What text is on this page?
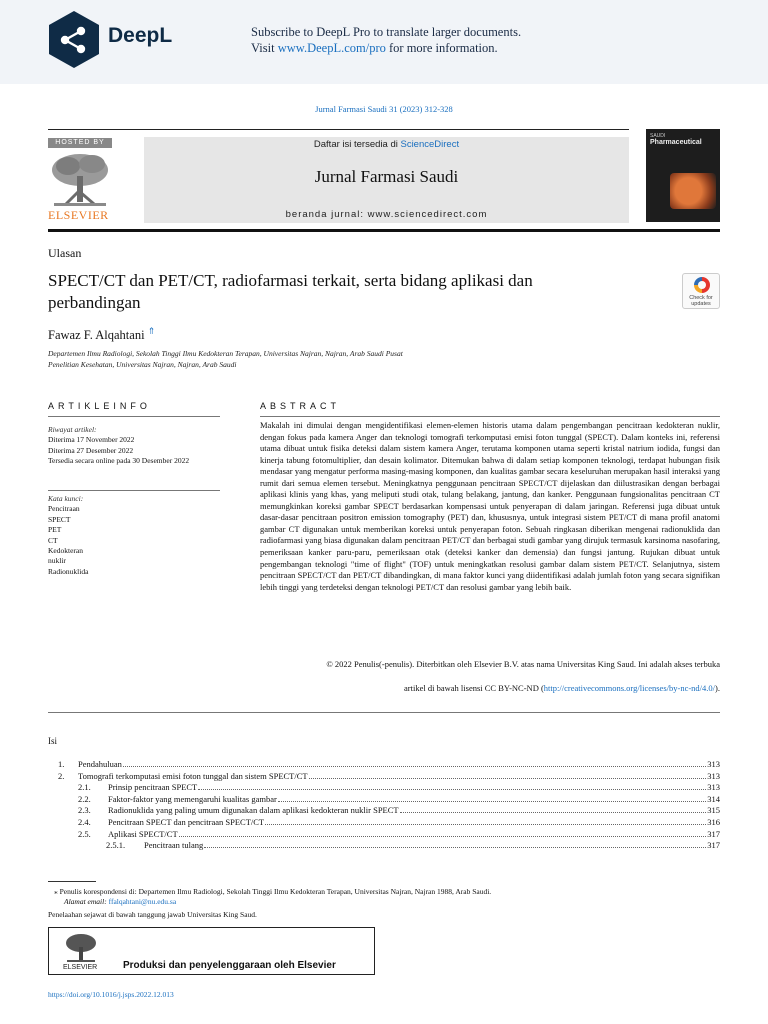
DeepL	Subscribe to DeepL Pro to translate larger documents.
Visit www.DeepL.com/pro for more information.
Jurnal Farmasi Saudi 31 (2023) 312-328
HOSTED BY
ELSEVIER
Daftar isi tersedia di ScienceDirect
Jurnal Farmasi Saudi
beranda jurnal: www.sciencedirect.com
SAUDI
Pharmaceutical
Ulasan
SPECT/CT dan PET/CT, radiofarmasi terkait, serta bidang aplikasi dan perbandingan	Check for updates
Fawaz F. Alqahtani ⇑
Departemen Ilmu Radiologi, Sekolah Tinggi Ilmu Kedokteran Terapan, Universitas Najran, Najran, Arab Saudi Pusat
Penelitian Kesehatan, Universitas Najran, Najran, Arab Saudi
ARTIKLEINFO
Riwayat artikel:
Diterima 17 November 2022
Diterima 27 Desember 2022
Tersedia secara online pada 30 Desember 2022
Kata kunci:
Pencitraan
SPECT
PET
CT
Kedokteran
nuklir
Radionuklida
ABSTRACT
Makalah ini dimulai dengan mengidentifikasi elemen-elemen historis utama dalam pengembangan pencitraan kedokteran nuklir, dengan fokus pada kamera Anger dan teknologi tomografi terkomputasi emisi foton tunggal (SPECT). Dalam konteks ini, referensi utama dibuat untuk fisika deteksi dalam sistem kamera Anger, terutama komponen utama seperti kristal natrium iodida, fungsi dan kinerja tabung fotomultiplier, dan desain kolimator. Ditemukan bahwa di dalam setiap komponen teknologi, terdapat hubungan fisik mendasar yang mengatur performa masing-masing komponen, dan kualitas gambar secara keseluruhan merupakan hasil interaksi yang rumit dari semua elemen tersebut. Meningkatnya penggunaan pencitraan SPECT/CT dijelaskan dan diilustrasikan dengan berbagai aplikasi klinis yang khas, yang meliputi studi otak, tulang belakang, jantung, dan kanker. Penggunaan fungsionalitas pencitraan CT memungkinkan koreksi gambar SPECT berdasarkan kompensasi untuk penyerapan di dalam jaringan. Referensi juga dibuat untuk dasar-dasar pencitraan positron emission tomography (PET) dan, khususnya, untuk integrasi sistem PET/CT di mana profil anatomi gambar CT digunakan untuk memberikan koreksi untuk penyerapan foton. Sebuah ringkasan diberikan mengenai radionuklida dan radiofarmasi yang biasa digunakan dalam pencitraan PET/CT dan berbagai studi gambar yang dirujuk termasuk karsinoma nasofaring, pemeriksaan kanker paru-paru, pemeriksaan otak (deteksi kanker dan demensia) dan fungsi jantung. Rujukan dibuat untuk pengembangan teknologi "time of flight" (TOF) untuk meningkatkan resolusi gambar dalam sistem PET/CT. Selanjutnya, sistem pencitraan SPECT/CT dan PET/CT dibandingkan, di mana faktor kunci yang diidentifikasi adalah jumlah foton yang secara signifikan lebih tinggi yang terdeteksi dengan teknologi PET/CT dan resolusi gambar yang lebih baik.
© 2022 Penulis(-penulis). Diterbitkan oleh Elsevier B.V. atas nama Universitas King Saud. Ini adalah akses terbuka
artikel di bawah lisensi CC BY-NC-ND (http://creativecommons.org/licenses/by-nc-nd/4.0/).
Isi
1.	Pendahuluan	313
2.	Tomografi terkomputasi emisi foton tunggal dan sistem SPECT/CT	313
2.1.	Prinsip pencitraan SPECT	313
2.2.	Faktor-faktor yang memengaruhi kualitas gambar	314
2.3.	Radionuklida yang paling umum digunakan dalam aplikasi kedokteran nuklir SPECT	315
2.4.	Pencitraan SPECT dan pencitraan SPECT/CT	316
2.5.	Aplikasi SPECT/CT	317
2.5.1.	Pencitraan tulang	317
⁎ Penulis korespondensi di: Departemen Ilmu Radiologi, Sekolah Tinggi Ilmu Kedokteran Terapan, Universitas Najran, Najran 1988, Arab Saudi.
Alamat email: ffalqahtani@nu.edu.sa
Penelaahan sejawat di bawah tanggung jawab Universitas King Saud.
ELSEVIER	Produksi dan penyelenggaraan oleh Elsevier
https://doi.org/10.1016/j.jsps.2022.12.013
